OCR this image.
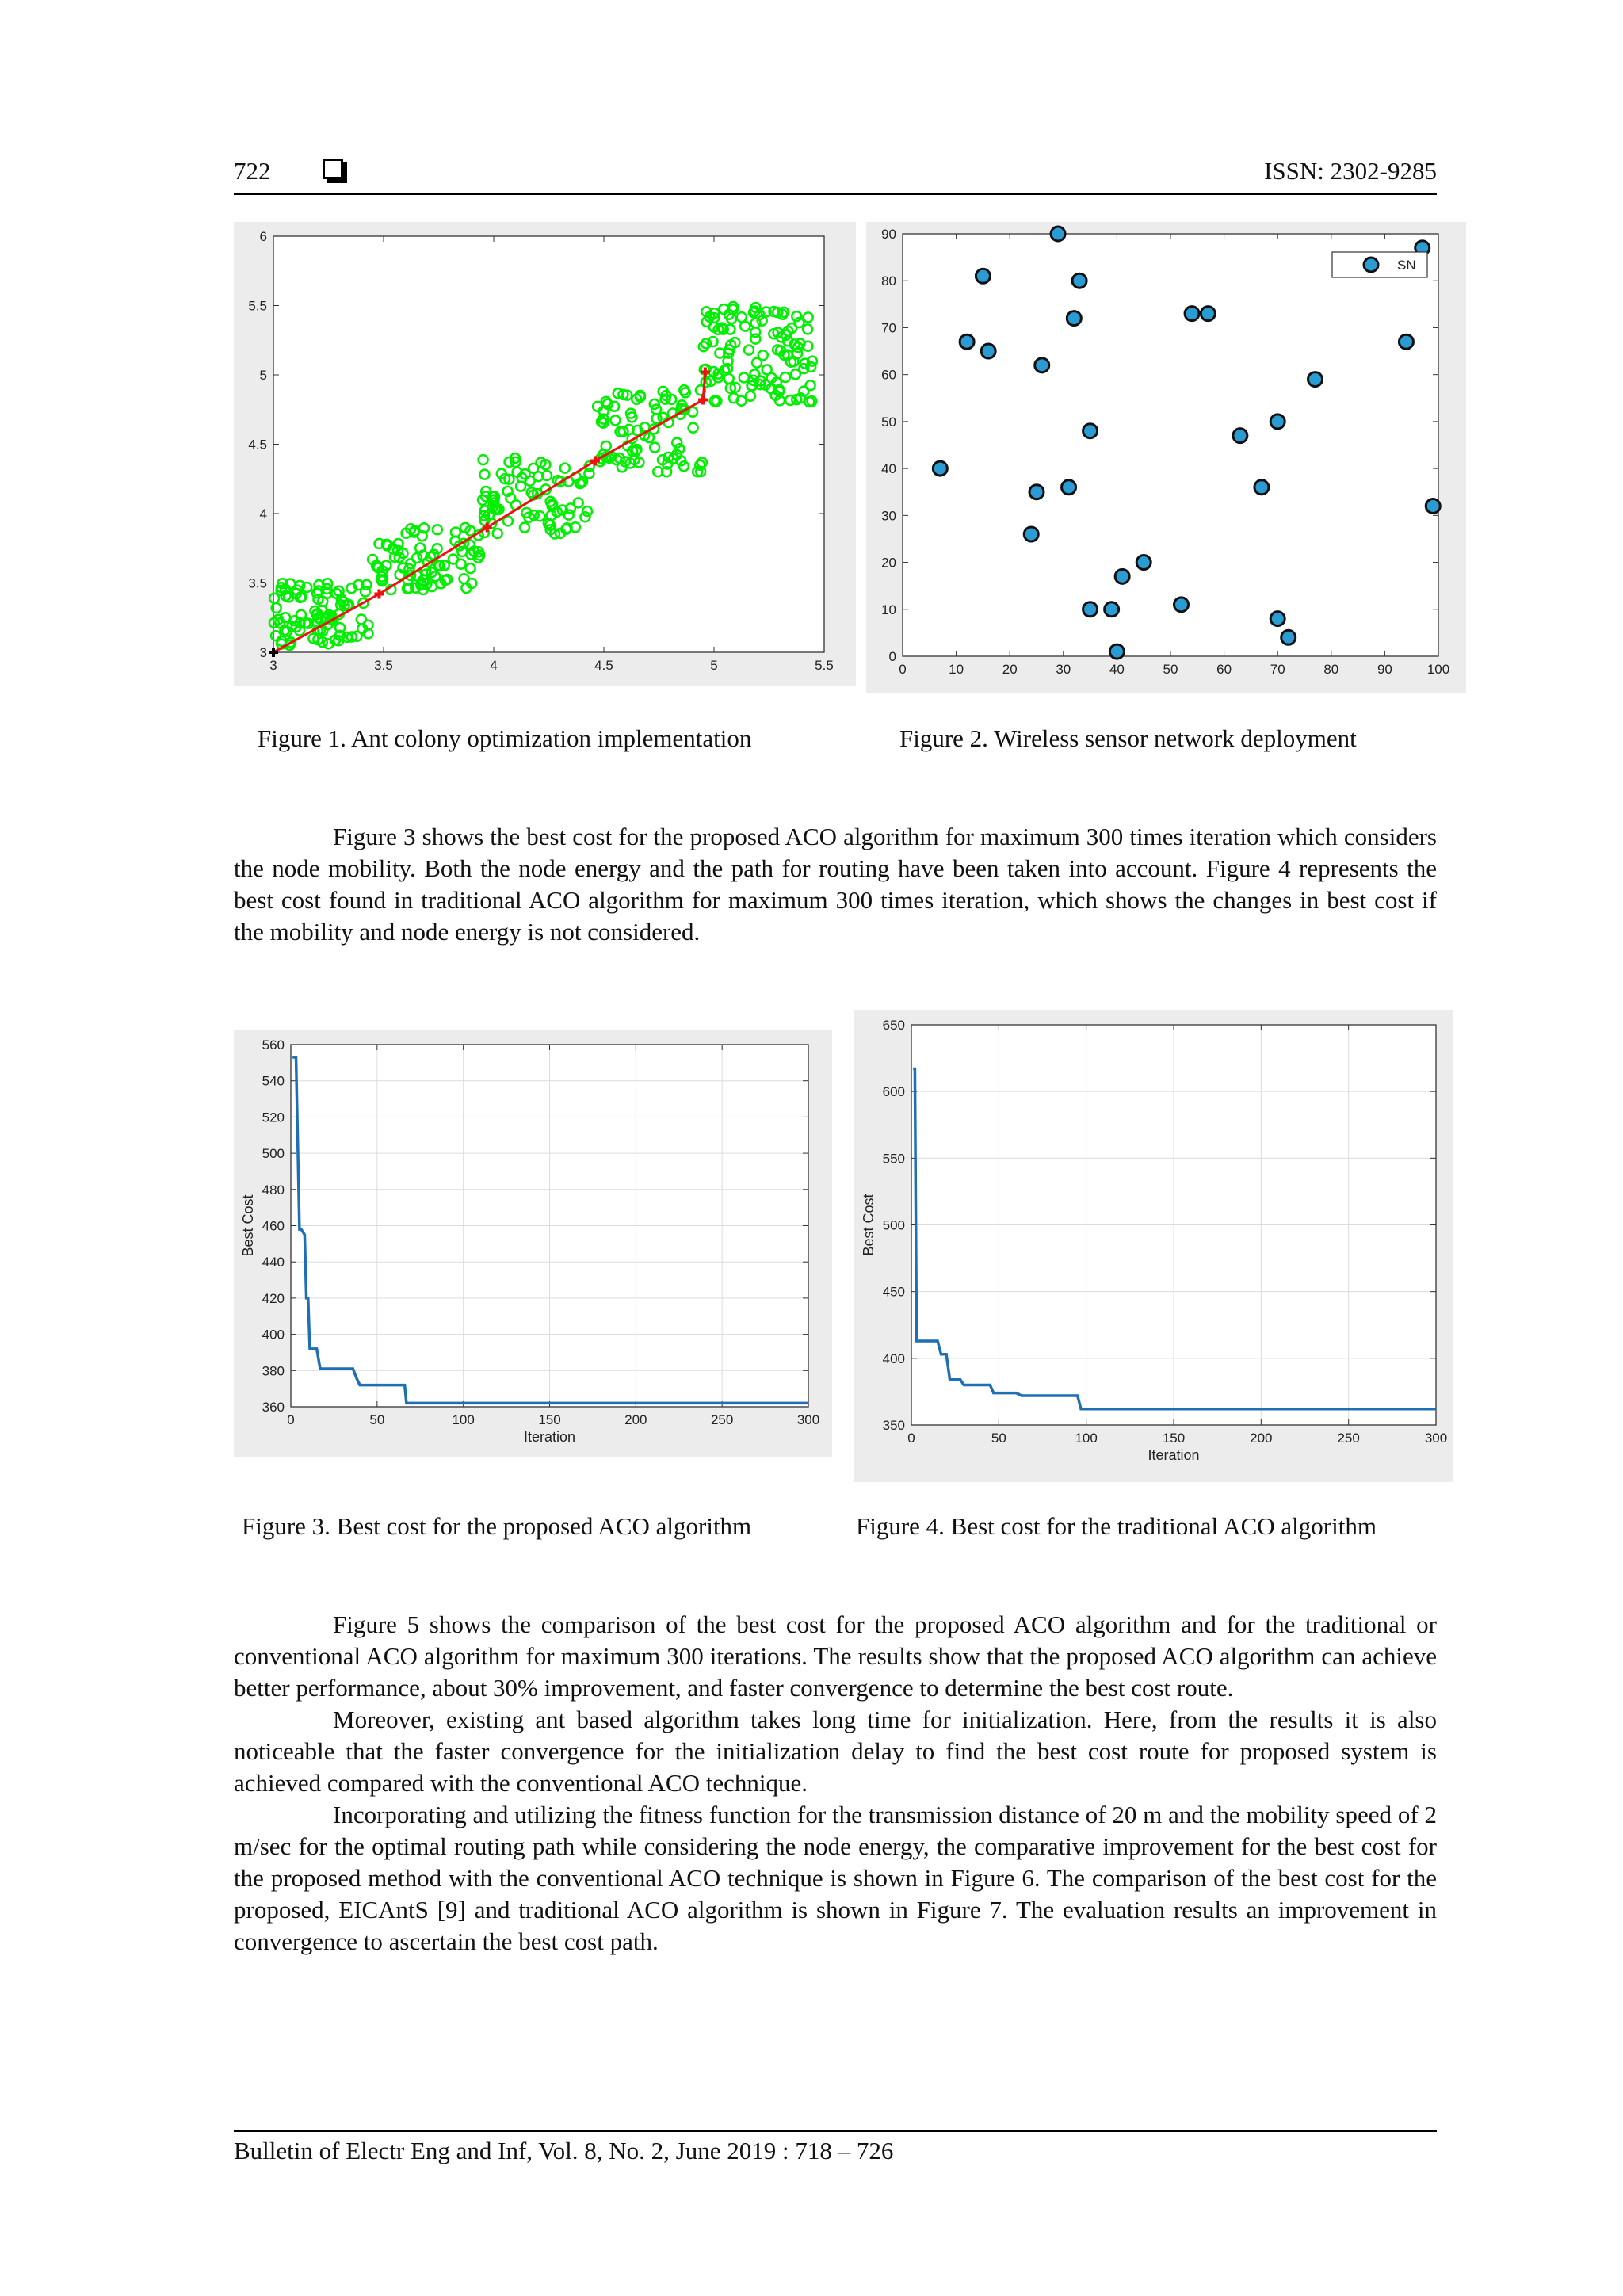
722	ISSN: 2302-9285
3	3.5	4	4.5	5	5.5
3
3.5
4
4.5
5
5.5
6
0	10	20	30	40	50	60	70	80	90	100
0
10
20
30
40
50
60
70
80
90
SN
Figure 1. Ant colony optimization implementation	Figure 2. Wireless sensor network deployment

Figure 3 shows the best cost for the proposed ACO algorithm for maximum 300 times iteration which considers the node mobility. Both the node energy and the path for routing have been taken into account. Figure 4 represents the best cost found in traditional ACO algorithm for maximum 300 times iteration, which shows the changes in best cost if the mobility and node energy is not considered.

0	50	100	150	200	250	300
360
380
400
420
440
460
480
500
520
540
560
Iteration
Best Cost
0	50	100	150	200	250	300
350
400
450
500
550
600
650
Iteration
Best Cost
Figure 3. Best cost for the proposed ACO algorithm	Figure 4. Best cost for the traditional ACO algorithm

Figure 5 shows the comparison of the best cost for the proposed ACO algorithm and for the traditional or conventional ACO algorithm for maximum 300 iterations. The results show that the proposed ACO algorithm can achieve better performance, about 30% improvement, and faster convergence to determine the best cost route.

Moreover, existing ant based algorithm takes long time for initialization. Here, from the results it is also noticeable that the faster convergence for the initialization delay to find the best cost route for proposed system is achieved compared with the conventional ACO technique.

Incorporating and utilizing the fitness function for the transmission distance of 20 m and the mobility speed of 2 m/sec for the optimal routing path while considering the node energy, the comparative improvement for the best cost for the proposed method with the conventional ACO technique is shown in Figure 6. The comparison of the best cost for the proposed, EICAntS [9] and traditional ACO algorithm is shown in Figure 7. The evaluation results an improvement in convergence to ascertain the best cost path.

Bulletin of Electr Eng and Inf, Vol. 8, No. 2, June 2019 : 718 – 726
